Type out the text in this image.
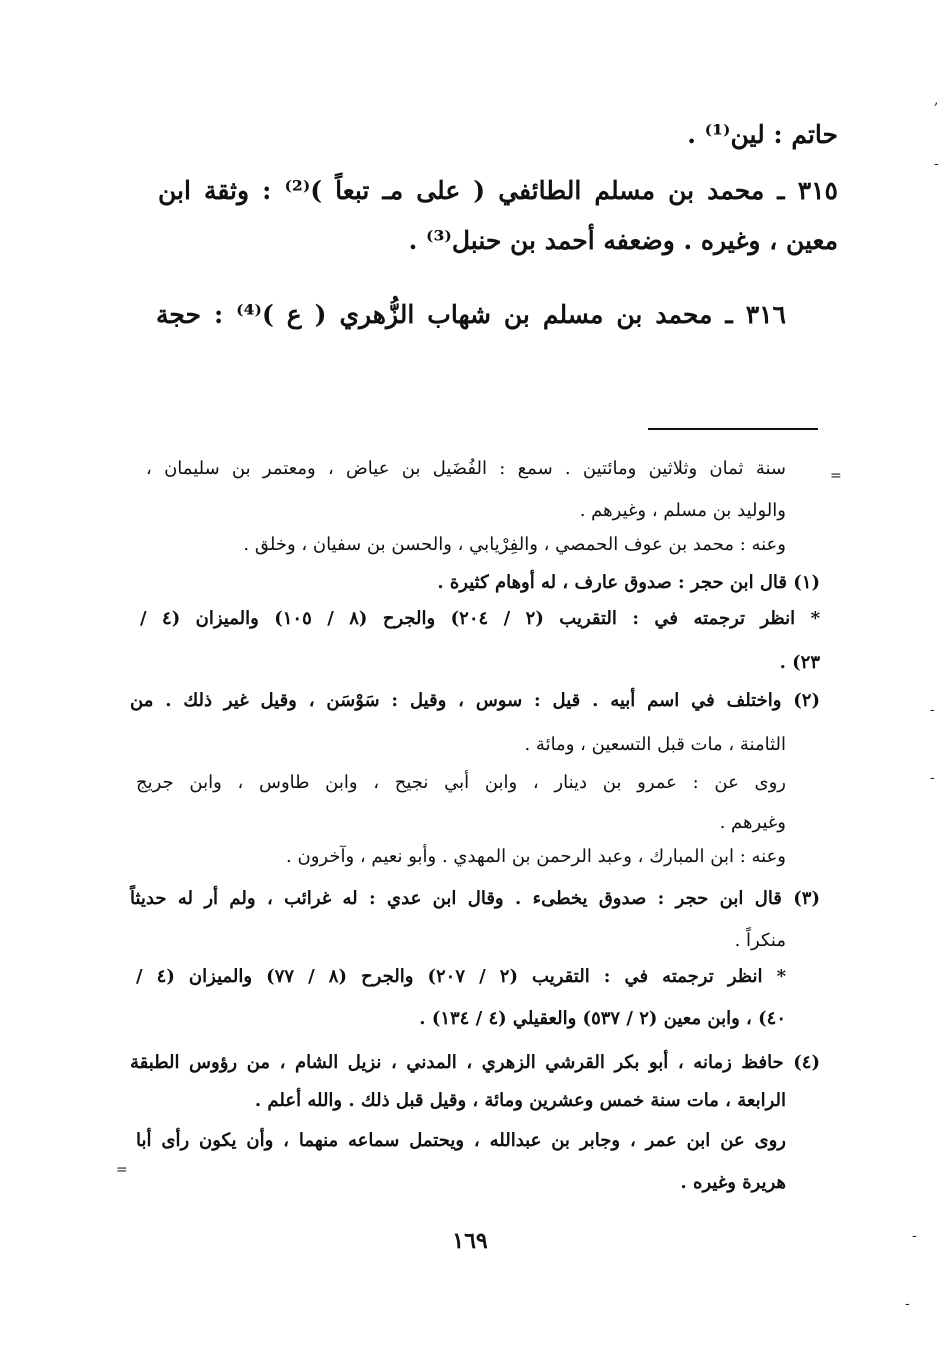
حاتم : لين⁽¹⁾ .
٣١٥ ـ محمد بن مسلم الطائفي ( على مـ تبعاً )⁽²⁾ : وثقة ابن
معين ، وغيره . وضعفه أحمد بن حنبل⁽³⁾ .
٣١٦ ـ محمد بن مسلم بن شهاب الزُّهري ( ع )⁽⁴⁾ : حجة
سنة ثمان وثلاثين ومائتين . سمع : الفُضَيل بن عياض ، ومعتمر بن سليمان ،
والوليد بن مسلم ، وغيرهم .
وعنه : محمد بن عوف الحمصي ، والفِرْيابي ، والحسن بن سفيان ، وخلق .
(١) قال ابن حجر : صدوق عارف ، له أوهام كثيرة .
* انظر ترجمته في : التقريب (٢ / ٢٠٤) والجرح (٨ / ١٠٥) والميزان (٤ /
٢٣) .
(٢) واختلف في اسم أبيه . قيل : سوس ، وقيل : سَوْسَن ، وقيل غير ذلك . من
الثامنة ، مات قبل التسعين ، ومائة .
روى عن : عمرو بن دينار ، وابن أبي نجيح ، وابن طاوس ، وابن جريج
وغيرهم .
وعنه : ابن المبارك ، وعبد الرحمن بن المهدي . وأبو نعيم ، وآخرون .
(٣) قال ابن حجر : صدوق يخطىء . وقال ابن عدي : له غرائب ، ولم أر له حديثاً
منكراً .
* انظر ترجمته في : التقريب (٢ / ٢٠٧) والجرح (٨ / ٧٧) والميزان (٤ /
٤٠) ، وابن معين (٢ / ٥٣٧) والعقيلي (٤ / ١٣٤) .
(٤) حافظ زمانه ، أبو بكر القرشي الزهري ، المدني ، نزيل الشام ، من رؤوس الطبقة
الرابعة ، مات سنة خمس وعشرين ومائة ، وقيل قبل ذلك . والله أعلم .
روى عن ابن عمر ، وجابر بن عبدالله ، ويحتمل سماعه منهما ، وأن يكون رأى أبا
هريرة وغيره .
١٦٩
=
=
,
-
-
-
-
-
